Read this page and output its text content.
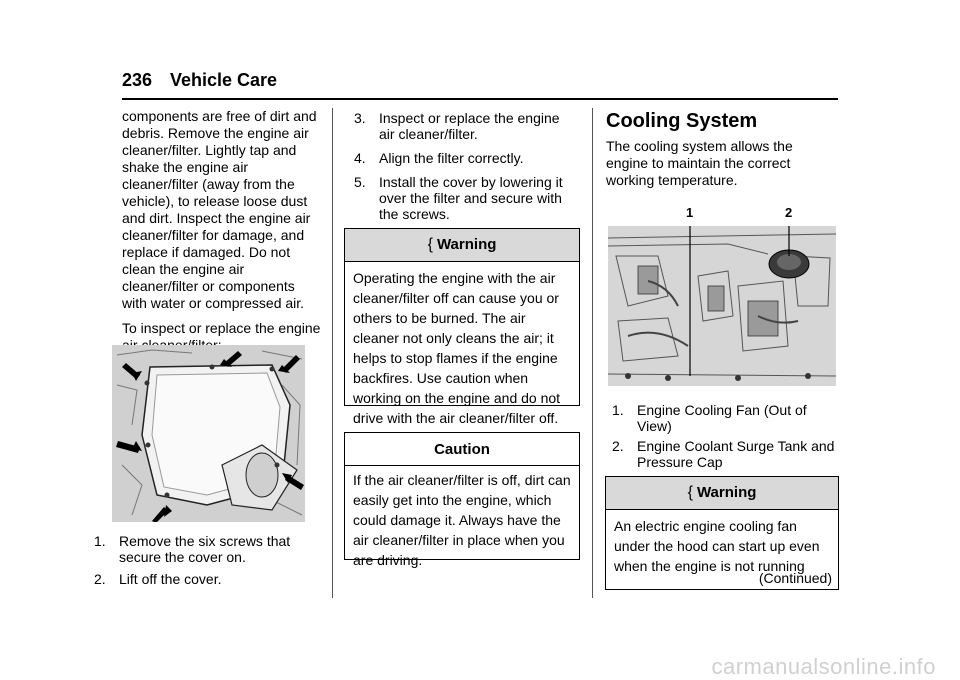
236 Vehicle Care

components are free of dirt and debris. Remove the engine air cleaner/filter. Lightly tap and shake the engine air cleaner/filter (away from the vehicle), to release loose dust and dirt. Inspect the engine air cleaner/filter for damage, and replace if damaged. Do not clean the engine air cleaner/filter or components with water or compressed air.

To inspect or replace the engine

1. Remove the six screws that secure the cover on.
2. Lift off the cover.
3. Inspect or replace the engine air cleaner/filter.
4. Align the filter correctly.
5. Install the cover by lowering it over the filter and secure with the screws.
{ Warning
Operating the engine with the air cleaner/filter off can cause you or others to be burned. The air cleaner not only cleans the air; it helps to stop flames if the engine backfires. Use caution when working on the engine and do not drive with the air cleaner/filter off.
Caution
If the air cleaner/filter is off, dirt can easily get into the engine, which could damage it. Always have the air cleaner/filter in place when you are driving.
Cooling System

The cooling system allows the engine to maintain the correct working temperature.

1	2
1. Engine Cooling Fan (Out of View)
2. Engine Coolant Surge Tank and Pressure Cap
{ Warning
An electric engine cooling fan under the hood can start up even when the engine is not running
(Continued)
carmanualsonline.info
